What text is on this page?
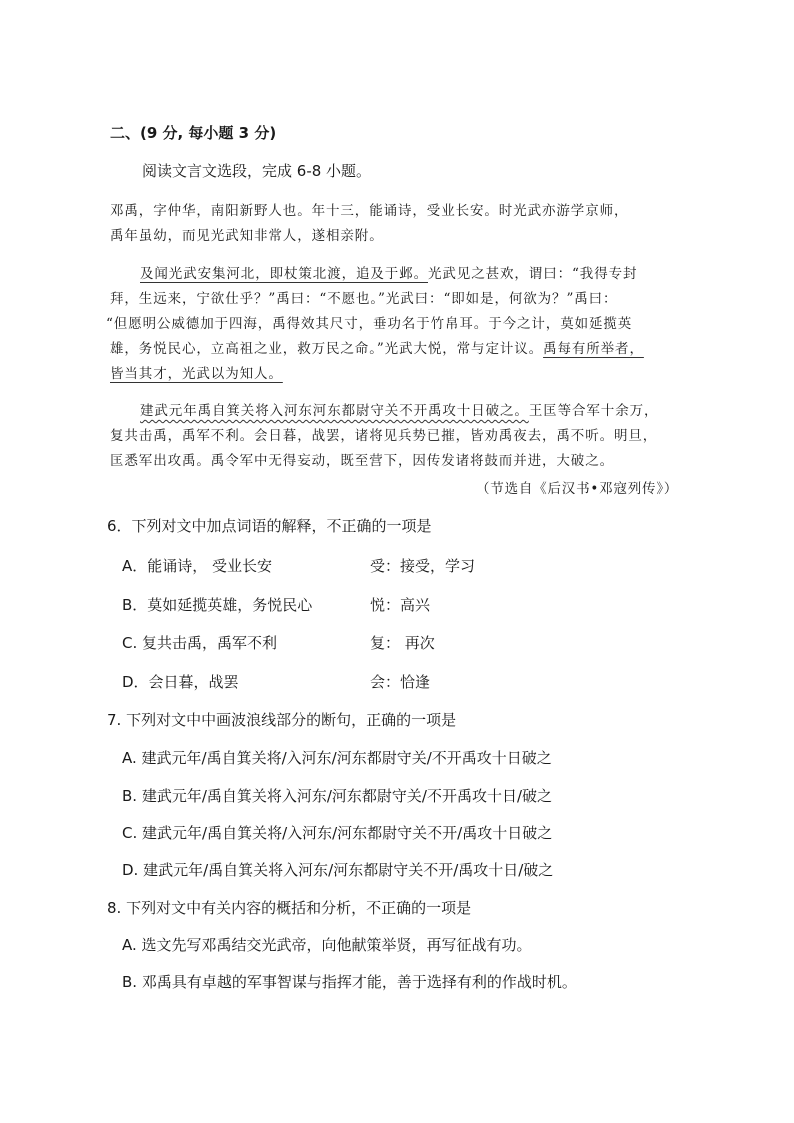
二、(9 分, 每小题 3 分)
阅读文言文选段，完成 6-8 小题。
邓禹，字仲华，南阳新野人也。年十三，能诵诗，受业长安。时光武亦游学京师，
禹年虽幼，而见光武知非常人，遂相亲附。
及闻光武安集河北，即杖策北渡，追及于邺。光武见之甚欢，谓曰：“我得专封
拜，生远来，宁欲仕乎？”禹曰：“不愿也。”光武曰：“即如是，何欲为？”禹曰：
“但愿明公威德加于四海，禹得效其尺寸，垂功名于竹帛耳。于今之计，莫如延揽英
雄，务悦民心，立高祖之业，救万民之命。”光武大悦，常与定计议。禹每有所举者，
皆当其才，光武以为知人。
建武元年禹自箕关将入河东河东都尉守关不开禹攻十日破之。王匡等合军十余万，
复共击禹，禹军不利。会日暮，战罢，诸将见兵势已摧，皆劝禹夜去，禹不听。明旦，
匡悉军出攻禹。禹令军中无得妄动，既至营下，因传发诸将鼓而并进，大破之。
（节选自《后汉书•邓寇列传》）
6．下列对文中加点词语的解释，不正确的一项是
A．能诵诗， 受业长安	受：接受，学习
B．莫如延揽英雄，务悦民心	悦：高兴
C. 复共击禹，禹军不利	复： 再次
D．会日暮，战罢	会：恰逢
7. 下列对文中中画波浪线部分的断句，正确的一项是
A. 建武元年/禹自箕关将/入河东/河东都尉守关/不开禹攻十日破之
B. 建武元年/禹自箕关将入河东/河东都尉守关/不开禹攻十日/破之
C. 建武元年/禹自箕关将/入河东/河东都尉守关不开/禹攻十日破之
D. 建武元年/禹自箕关将入河东/河东都尉守关不开/禹攻十日/破之
8. 下列对文中有关内容的概括和分析，不正确的一项是
A. 选文先写邓禹结交光武帝，向他献策举贤，再写征战有功。
B. 邓禹具有卓越的军事智谋与指挥才能，善于选择有利的作战时机。
